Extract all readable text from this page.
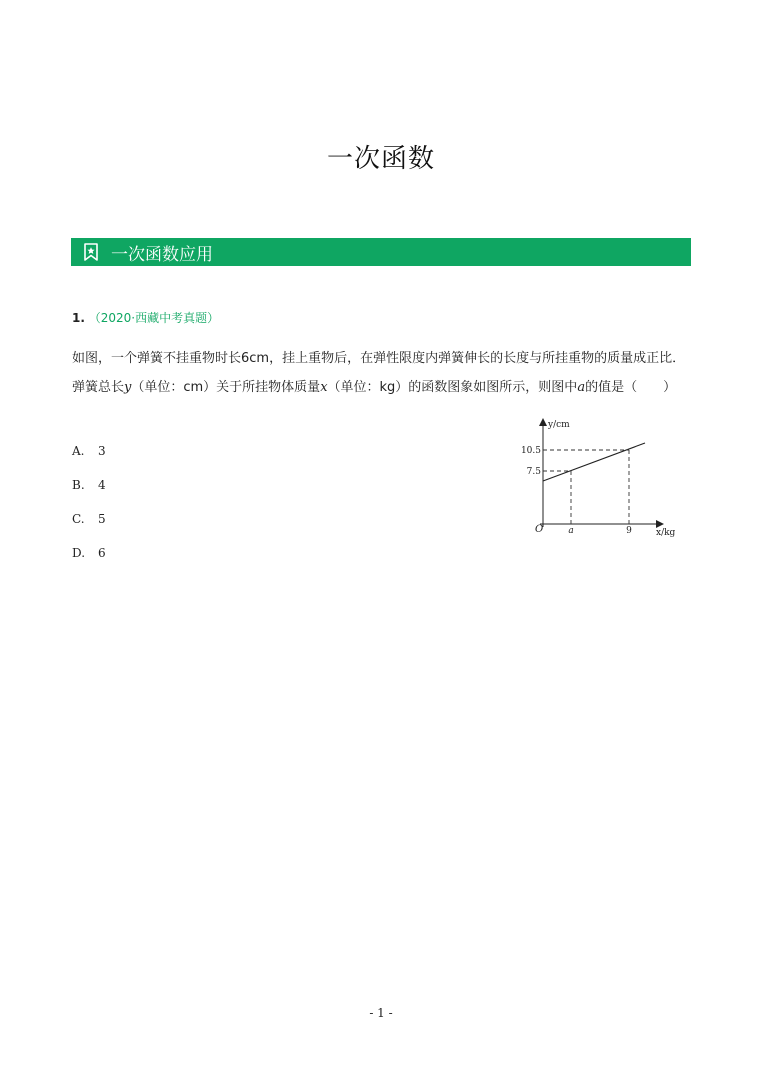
一次函数
一次函数应用
1. （2020·西藏中考真题）
如图，一个弹簧不挂重物时长6cm，挂上重物后，在弹性限度内弹簧伸长的长度与所挂重物的质量成正比．
弹簧总长y（单位：cm）关于所挂物体质量x（单位：kg）的函数图象如图所示，则图中a的值是（　　）
A. 3
B. 4
C. 5
D. 6
y/cm
10.5
7.5
O	a	9	x/kg
- 1 -
